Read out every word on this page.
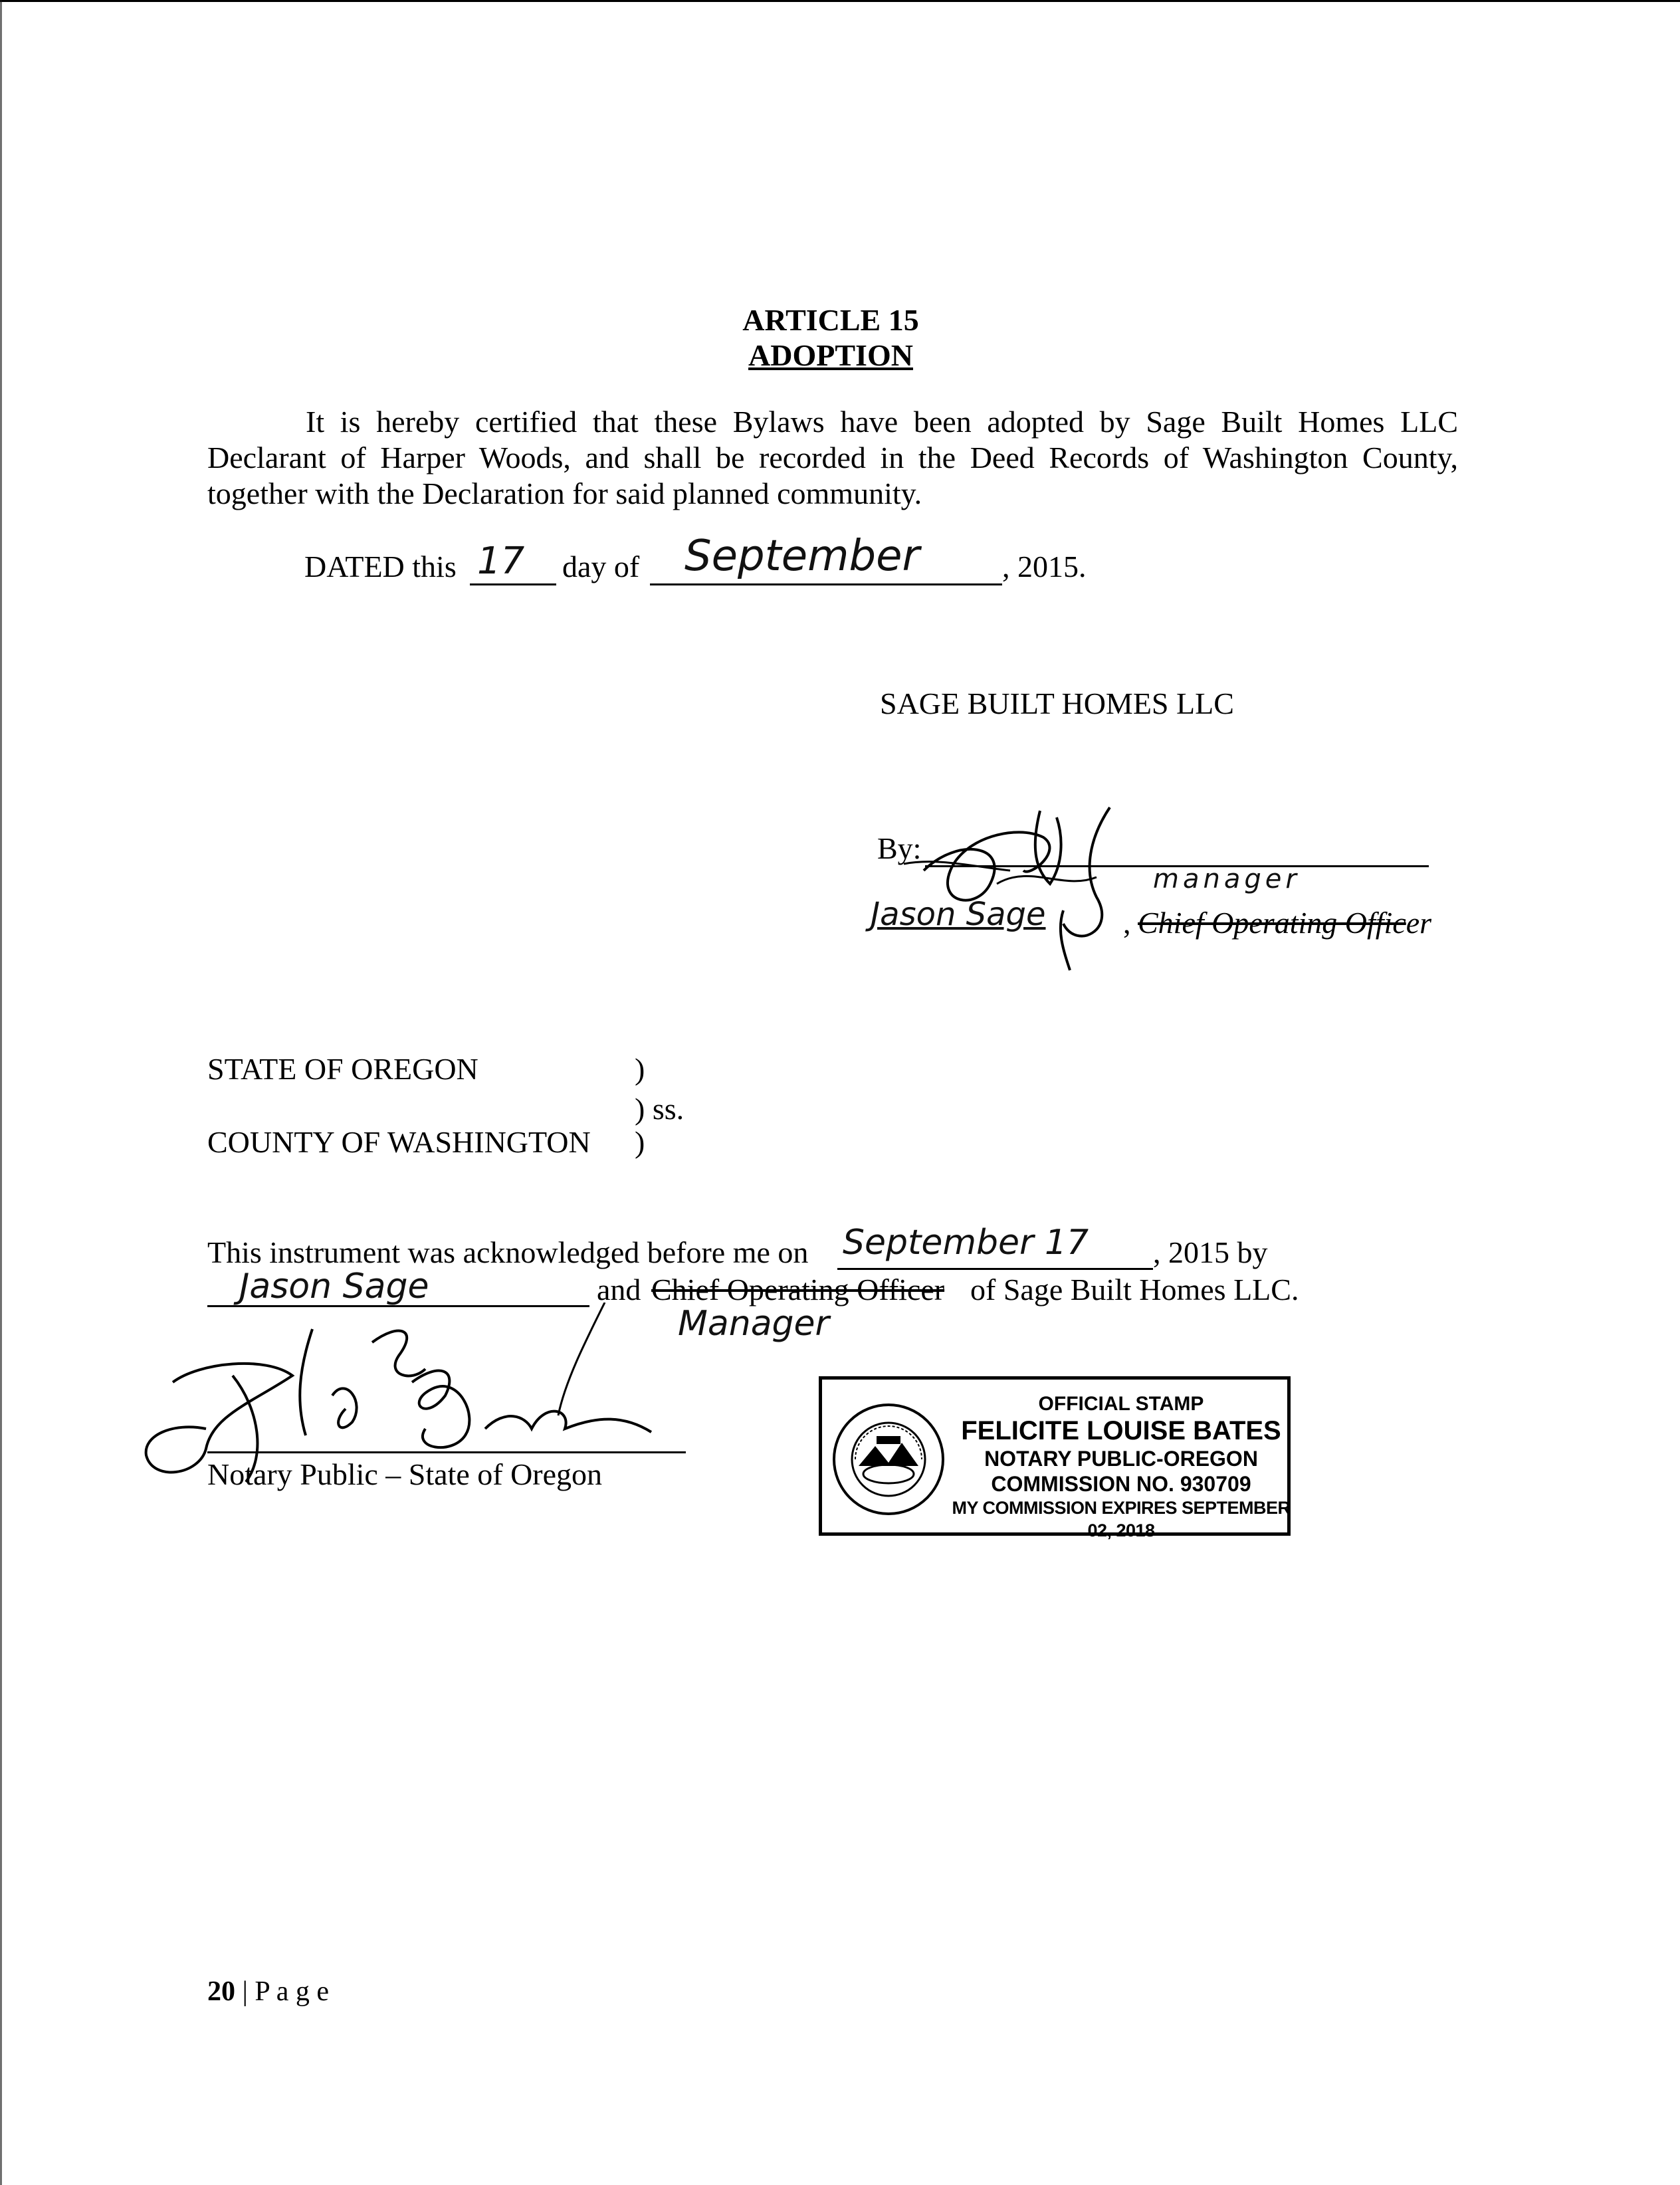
ARTICLE 15
ADOPTION
It is hereby certified that these Bylaws have been adopted by Sage Built Homes LLC
Declarant of Harper Woods, and shall be recorded in the Deed Records of Washington County,
together with the Declaration for said planned community.
DATED this 17 day of September	, 2015.
SAGE BUILT HOMES LLC
By:
Jason Sage	, Chief Operating Officer
manager
STATE OF OREGON	)
) ss.
COUNTY OF WASHINGTON )
This instrument was acknowledged before me on September 17 , 2015 by
Jason Sage	and Chief Operating Officer of Sage Built Homes LLC.
Manager
Notary Public – State of Oregon
OFFICIAL STAMP
FELICITE LOUISE BATES
NOTARY PUBLIC-OREGON
COMMISSION NO. 930709
MY COMMISSION EXPIRES SEPTEMBER 02, 2018
20 | P a g e
